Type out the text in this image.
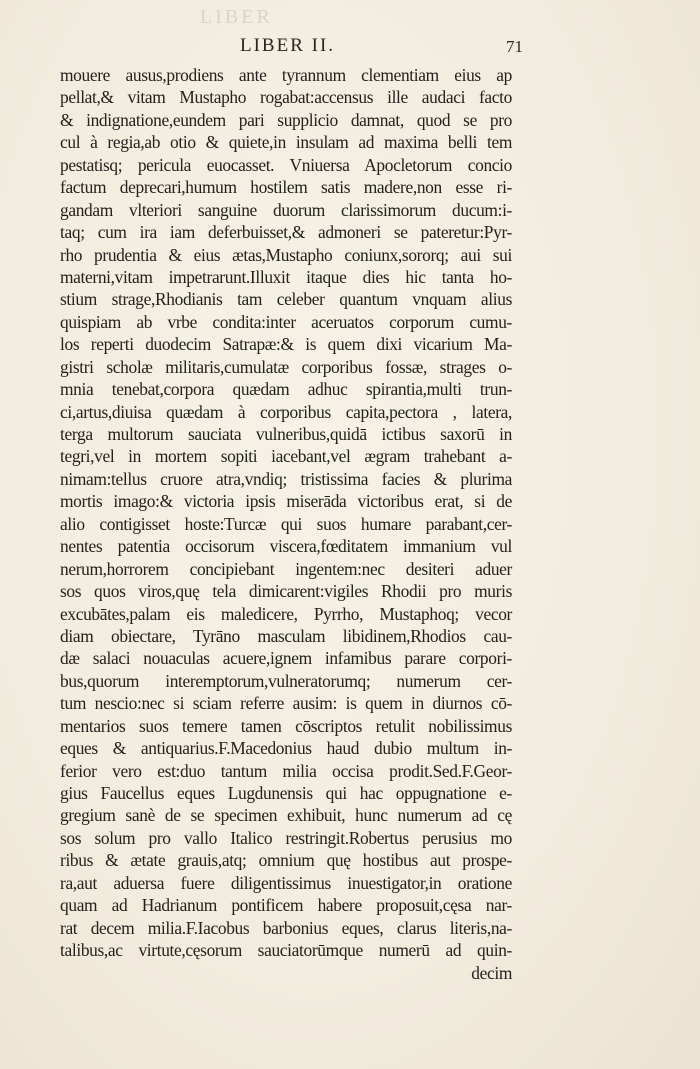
LIBER
LIBER II.	71
mouere ausus,prodiens ante tyrannum clementiam eius ap
pellat,& vitam Mustapho rogabat:accensus ille audaci facto
& indignatione,eundem pari supplicio damnat, quod se pro
cul à regia,ab otio & quiete,in insulam ad maxima belli tem
pestatisq; pericula euocasset. Vniuersa Apocletorum concio
factum deprecari,humum hostilem satis madere,non esse ri-
gandam vlteriori sanguine duorum clarissimorum ducum:i-
taq; cum ira iam deferbuisset,& admoneri se pateretur:Pyr-
rho prudentia & eius ætas,Mustapho coniunx,sororq; aui sui
materni,vitam impetrarunt.Illuxit itaque dies hic tanta ho-
stium strage,Rhodianis tam celeber quantum vnquam alius
quispiam ab vrbe condita:inter aceruatos corporum cumu-
los reperti duodecim Satrapæ:& is quem dixi vicarium Ma-
gistri scholæ militaris,cumulatæ corporibus fossæ, strages o-
mnia tenebat,corpora quædam adhuc spirantia,multi trun-
ci,artus,diuisa quædam à corporibus capita,pectora , latera,
terga multorum sauciata vulneribus,quidā ictibus saxorū in
tegri,vel in mortem sopiti iacebant,vel ægram trahebant a-
nimam:tellus cruore atra,vndiq; tristissima facies & plurima
mortis imago:& victoria ipsis miserāda victoribus erat, si de
alio contigisset hoste:Turcæ qui suos humare parabant,cer-
nentes patentia occisorum viscera,fœditatem immanium vul
nerum,horrorem concipiebant ingentem:nec desiteri aduer
sos quos viros,quę tela dimicarent:vigiles Rhodii pro muris
excubātes,palam eis maledicere, Pyrrho, Mustaphoq; vecor
diam obiectare, Tyrāno masculam libidinem,Rhodios cau-
dæ salaci nouaculas acuere,ignem infamibus parare corpori-
bus,quorum interemptorum,vulneratorumq; numerum cer-
tum nescio:nec si sciam referre ausim: is quem in diurnos cō-
mentarios suos temere tamen cōscriptos retulit nobilissimus
eques & antiquarius.F.Macedonius haud dubio multum in-
ferior vero est:duo tantum milia occisa prodit.Sed.F.Geor-
gius Faucellus eques Lugdunensis qui hac oppugnatione e-
gregium sanè de se specimen exhibuit, hunc numerum ad cę
sos solum pro vallo Italico restringit.Robertus perusius mo
ribus & ætate grauis,atq; omnium quę hostibus aut prospe-
ra,aut aduersa fuere diligentissimus inuestigator,in oratione
quam ad Hadrianum pontificem habere proposuit,cęsa nar-
rat decem milia.F.Iacobus barbonius eques, clarus literis,na-
talibus,ac virtute,cęsorum sauciatorūmque numerū ad quin-
decim
